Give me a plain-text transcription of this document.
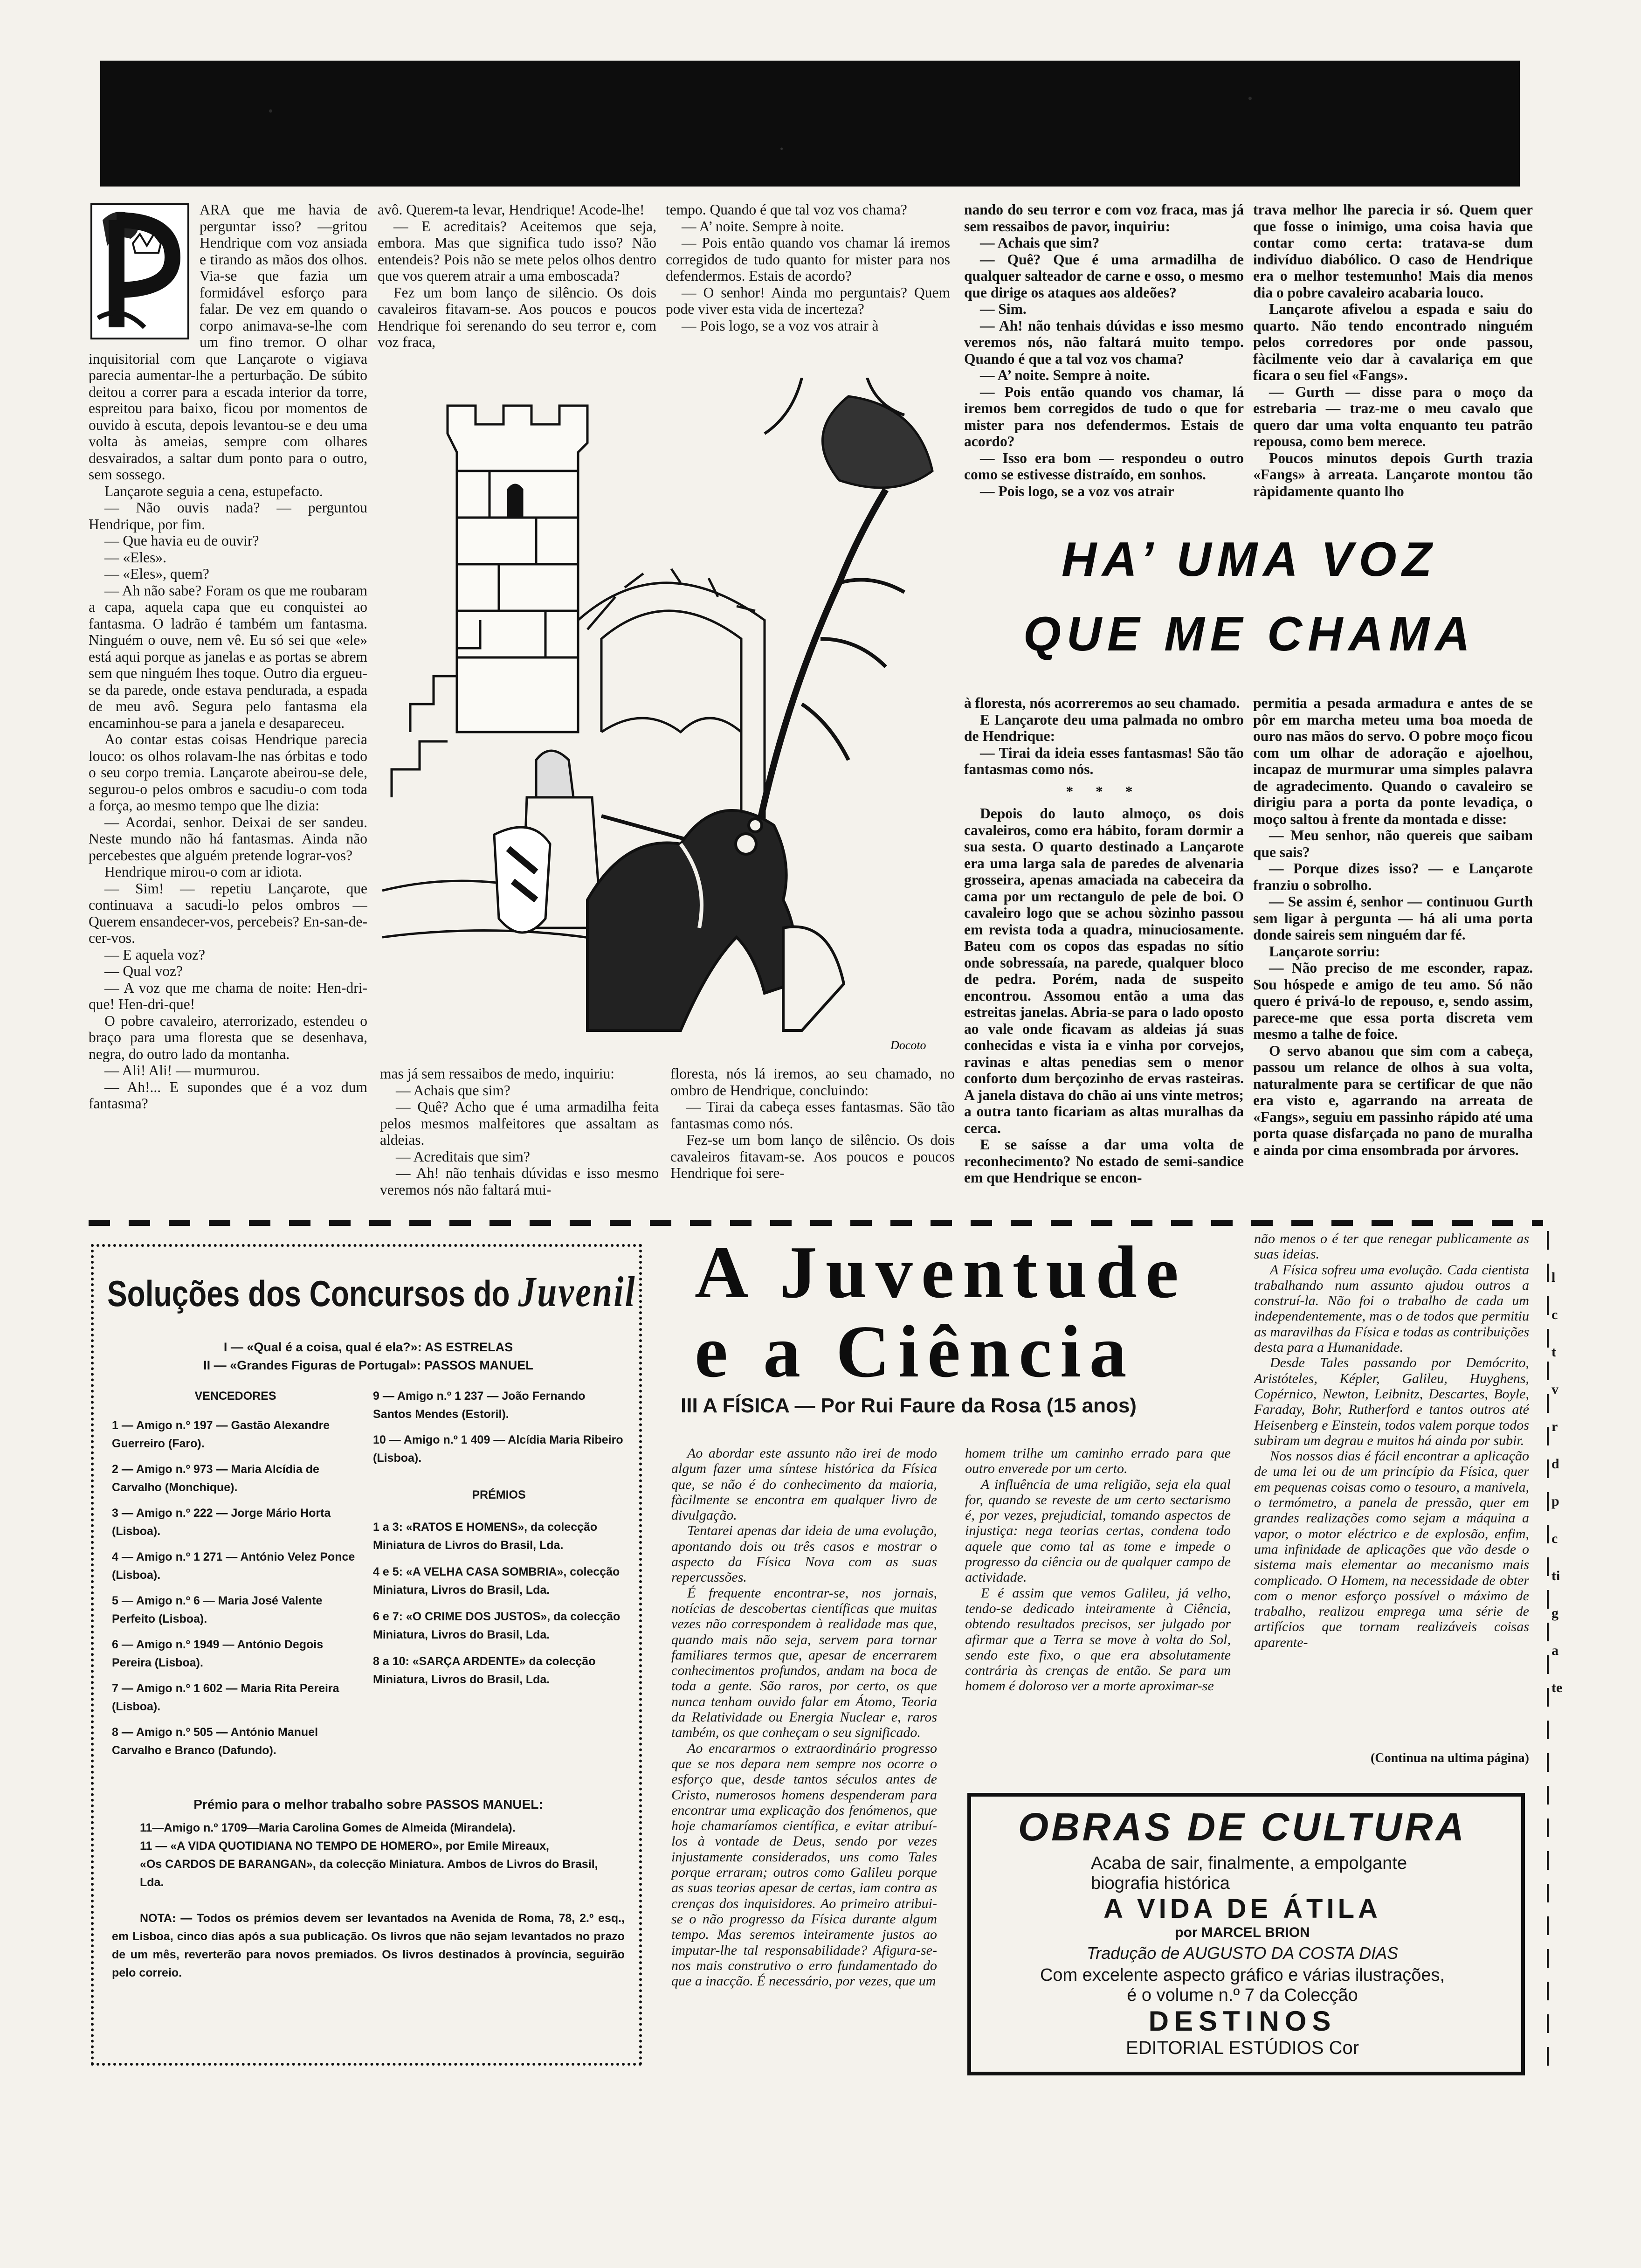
ARA que me havia de perguntar isso? —gritou Hendrique com voz ansiada e tirando as mãos dos olhos. Via-se que fazia um formidável esforço para falar. De vez em quando o corpo animava-se-lhe com um fino tremor. O olhar inquisitorial com que Lançarote o vigiava parecia aumentar-lhe a perturbação. De súbito deitou a correr para a escada interior da torre, espreitou para baixo, ficou por momentos de ouvido à escuta, depois levantou-se e deu uma volta às ameias, sempre com olhares desvairados, a saltar dum ponto para o outro, sem sossego.

Lançarote seguia a cena, estupefacto.

— Não ouvis nada? — perguntou Hendrique, por fim.

— Que havia eu de ouvir?

— «Eles».

— «Eles», quem?

— Ah não sabe? Foram os que me roubaram a capa, aquela capa que eu conquistei ao fantasma. O ladrão é também um fantasma. Ninguém o ouve, nem vê. Eu só sei que «ele» está aqui porque as janelas e as portas se abrem sem que ninguém lhes toque. Outro dia ergueu-se da parede, onde estava pendurada, a espada de meu avô. Segura pelo fantasma ela encaminhou-se para a janela e desapareceu.

Ao contar estas coisas Hendrique parecia louco: os olhos rolavam-lhe nas órbitas e todo o seu corpo tremia. Lançarote abeirou-se dele, segurou-o pelos ombros e sacudiu-o com toda a força, ao mesmo tempo que lhe dizia:

— Acordai, senhor. Deixai de ser sandeu. Neste mundo não há fantasmas. Ainda não percebestes que alguém pretende lograr-vos?

Hendrique mirou-o com ar idiota.

— Sim! — repetiu Lançarote, que continuava a sacudi-lo pelos ombros — Querem ensandecer-vos, percebeis? En-san-de-cer-vos.

— E aquela voz?

— Qual voz?

— A voz que me chama de noite: Hen-dri-que! Hen-dri-que!

O pobre cavaleiro, aterrorizado, estendeu o braço para uma floresta que se desenhava, negra, do outro lado da montanha.

— Ali! Ali! — murmurou.

— Ah!... E supondes que é a voz dum fantasma?

avô. Querem-ta levar, Hendrique! Acode-lhe!

— E acreditais? Aceitemos que seja, embora. Mas que significa tudo isso? Não entendeis? Pois não se mete pelos olhos dentro que vos querem atrair a uma emboscada?

Fez um bom lanço de silêncio. Os dois cavaleiros fitavam-se. Aos poucos e poucos Hendrique foi serenando do seu terror e, com voz fraca,

tempo. Quando é que tal voz vos chama?

— A’ noite. Sempre à noite.

— Pois então quando vos chamar lá iremos corregidos de tudo quanto for mister para nos defendermos. Estais de acordo?

— O senhor! Ainda mo perguntais? Quem pode viver esta vida de incerteza?

— Pois logo, se a voz vos atrair à

nando do seu terror e com voz fraca, mas já sem ressaibos de pavor, inquiriu:

— Achais que sim?

— Quê? Que é uma armadilha de qualquer salteador de carne e osso, o mesmo que dirige os ataques aos aldeões?

— Sim.

— Ah! não tenhais dúvidas e isso mesmo veremos nós, não faltará muito tempo. Quando é que a tal voz vos chama?

— A’ noite. Sempre à noite.

— Pois então quando vos chamar, lá iremos bem corregidos de tudo o que for mister para nos defendermos. Estais de acordo?

— Isso era bom — respondeu o outro como se estivesse distraído, em sonhos.

— Pois logo, se a voz vos atrair

trava melhor lhe parecia ir só. Quem quer que fosse o inimigo, uma coisa havia que contar como certa: tratava-se dum indivíduo diabólico. O caso de Hendrique era o melhor testemunho! Mais dia menos dia o pobre cavaleiro acabaria louco.

Lançarote afivelou a espada e saiu do quarto. Não tendo encontrado ninguém pelos corredores por onde passou, fàcilmente veio dar à cavalariça em que ficara o seu fiel «Fangs».

— Gurth — disse para o moço da estrebaria — traz-me o meu cavalo que quero dar uma volta enquanto teu patrão repousa, como bem merece.

Poucos minutos depois Gurth trazia «Fangs» à arreata. Lançarote montou tão ràpidamente quanto lho

Docoto
HA’ UMA VOZ
QUE ME CHAMA

mas já sem ressaibos de medo, inquiriu:

— Achais que sim?

— Quê? Acho que é uma armadilha feita pelos mesmos malfeitores que assaltam as aldeias.

— Acreditais que sim?

— Ah! não tenhais dúvidas e isso mesmo veremos nós não faltará mui-

floresta, nós lá iremos, ao seu chamado, no ombro de Hendrique, concluindo:

— Tirai da cabeça esses fantasmas. São tão fantasmas como nós.

Fez-se um bom lanço de silêncio. Os dois cavaleiros fitavam-se. Aos poucos e poucos Hendrique foi sere-

à floresta, nós acorreremos ao seu chamado.

E Lançarote deu uma palmada no ombro de Hendrique:

— Tirai da ideia esses fantasmas! São tão fantasmas como nós.

* * *

Depois do lauto almoço, os dois cavaleiros, como era hábito, foram dormir a sua sesta. O quarto destinado a Lançarote era uma larga sala de paredes de alvenaria grosseira, apenas amaciada na cabeceira da cama por um rectangulo de pele de boi. O cavaleiro logo que se achou sòzinho passou em revista toda a quadra, minuciosamente. Bateu com os copos das espadas no sítio onde sobressaía, na parede, qualquer bloco de pedra. Porém, nada de suspeito encontrou. Assomou então a uma das estreitas janelas. Abria-se para o lado oposto ao vale onde ficavam as aldeias já suas conhecidas e vista ia e vinha por corvejos, ravinas e altas penedias sem o menor conforto dum berçozinho de ervas rasteiras. A janela distava do chão ai uns vinte metros; a outra tanto ficariam as altas muralhas da cerca.

E se saísse a dar uma volta de reconhecimento? No estado de semi-sandice em que Hendrique se encon-

permitia a pesada armadura e antes de se pôr em marcha meteu uma boa moeda de ouro nas mãos do servo. O pobre moço ficou com um olhar de adoração e ajoelhou, incapaz de murmurar uma simples palavra de agradecimento. Quando o cavaleiro se dirigiu para a porta da ponte levadiça, o moço saltou à frente da montada e disse:

— Meu senhor, não quereis que saibam que sais?

— Porque dizes isso? — e Lançarote franziu o sobrolho.

— Se assim é, senhor — continuou Gurth sem ligar à pergunta — há ali uma porta donde saireis sem ninguém dar fé.

Lançarote sorriu:

— Não preciso de me esconder, rapaz. Sou hóspede e amigo de teu amo. Só não quero é privá-lo de repouso, e, sendo assim, parece-me que essa porta discreta vem mesmo a talhe de foice.

O servo abanou que sim com a cabeça, passou um relance de olhos à sua volta, naturalmente para se certificar de que não era visto e, agarrando na arreata de «Fangs», seguiu em passinho rápido até uma porta quase disfarçada no pano de muralha e ainda por cima ensombrada por árvores.

Soluções dos Concursos do Juvenil
I — «Qual é a coisa, qual é ela?»: AS ESTRELAS
II — «Grandes Figuras de Portugal»: PASSOS MANUEL
VENCEDORES
1 — Amigo n.º 197 — Gastão Alexandre Guerreiro (Faro).
2 — Amigo n.º 973 — Maria Alcídia de Carvalho (Monchique).
3 — Amigo n.º 222 — Jorge Mário Horta (Lisboa).
4 — Amigo n.º 1 271 — António Velez Ponce (Lisboa).
5 — Amigo n.º 6 — Maria José Valente Perfeito (Lisboa).
6 — Amigo n.º 1949 — António Degois Pereira (Lisboa).
7 — Amigo n.º 1 602 — Maria Rita Pereira (Lisboa).
8 — Amigo n.º 505 — António Manuel Carvalho e Branco (Dafundo).
9 — Amigo n.º 1 237 — João Fernando Santos Mendes (Estoril).
10 — Amigo n.º 1 409 — Alcídia Maria Ribeiro (Lisboa).
PRÉMIOS
1 a 3: «RATOS E HOMENS», da colecção Miniatura de Livros do Brasil, Lda.
4 e 5: «A VELHA CASA SOMBRIA», colecção Miniatura, Livros do Brasil, Lda.
6 e 7: «O CRIME DOS JUSTOS», da colecção Miniatura, Livros do Brasil, Lda.
8 a 10: «SARÇA ARDENTE» da colecção Miniatura, Livros do Brasil, Lda.
Prémio para o melhor trabalho sobre PASSOS MANUEL:
11—Amigo n.º 1709—Maria Carolina Gomes de Almeida (Mirandela).
11 — «A VIDA QUOTIDIANA NO TEMPO DE HOMERO», por Emile Mireaux,
«Os CARDOS DE BARANGAN», da colecção Miniatura. Ambos de Livros do Brasil, Lda.
NOTA: — Todos os prémios devem ser levantados na Avenida de Roma, 78, 2.º esq., em Lisboa, cinco dias após a sua publicação. Os livros que não sejam levantados no prazo de um mês, reverterão para novos premiados. Os livros destinados à província, seguirão pelo correio.
A Juventude
e a Ciência
III A FÍSICA — Por Rui Faure da Rosa (15 anos)

Ao abordar este assunto não irei de modo algum fazer uma síntese histórica da Física que, se não é do conhecimento da maioria, fàcilmente se encontra em qualquer livro de divulgação.

Tentarei apenas dar ideia de uma evolução, apontando dois ou três casos e mostrar o aspecto da Física Nova com as suas repercussões.

É frequente encontrar-se, nos jornais, notícias de descobertas científicas que muitas vezes não correspondem à realidade mas que, quando mais não seja, servem para tornar familiares termos que, apesar de encerrarem conhecimentos profundos, andam na boca de toda a gente. São raros, por certo, os que nunca tenham ouvido falar em Átomo, Teoria da Relatividade ou Energia Nuclear e, raros também, os que conheçam o seu significado.

Ao encararmos o extraordinário progresso que se nos depara nem sempre nos ocorre o esforço que, desde tantos séculos antes de Cristo, numerosos homens despenderam para encontrar uma explicação dos fenómenos, que hoje chamaríamos científica, e evitar atribuí-los à vontade de Deus, sendo por vezes injustamente considerados, uns como Tales porque erraram; outros como Galileu porque as suas teorias apesar de certas, iam contra as crenças dos inquisidores. Ao primeiro atribui-se o não progresso da Física durante algum tempo. Mas seremos inteiramente justos ao imputar-lhe tal responsabilidade? Afigura-se-nos mais construtivo o erro fundamentado do que a inacção. É necessário, por vezes, que um

homem trilhe um caminho errado para que outro enverede por um certo.

A influência de uma religião, seja ela qual for, quando se reveste de um certo sectarismo é, por vezes, prejudicial, tomando aspectos de injustiça: nega teorias certas, condena todo aquele que como tal as tome e impede o progresso da ciência ou de qualquer campo de actividade.

E é assim que vemos Galileu, já velho, tendo-se dedicado inteiramente à Ciência, obtendo resultados precisos, ser julgado por afirmar que a Terra se move à volta do Sol, sendo este fixo, o que era absolutamente contrária às crenças de então. Se para um homem é doloroso ver a morte aproximar-se

não menos o é ter que renegar publicamente as suas ideias.

A Física sofreu uma evolução. Cada cientista trabalhando num assunto ajudou outros a construí-la. Não foi o trabalho de cada um independentemente, mas o de todos que permitiu as maravilhas da Física e todas as contribuições desta para a Humanidade.

Desde Tales passando por Demócrito, Aristóteles, Képler, Galileu, Huyghens, Copérnico, Newton, Leibnitz, Descartes, Boyle, Faraday, Bohr, Rutherford e tantos outros até Heisenberg e Einstein, todos valem porque todos subiram um degrau e muitos há ainda por subir.

Nos nossos dias é fácil encontrar a aplicação de uma lei ou de um princípio da Física, quer em pequenas coisas como o tesouro, a manivela, o termómetro, a panela de pressão, quer em grandes realizações como sejam a máquina a vapor, o motor eléctrico e de explosão, enfim, uma infinidade de aplicações que vão desde o sistema mais elementar ao mecanismo mais complicado. O Homem, na necessidade de obter com o menor esforço possível o máximo de trabalho, realizou emprega uma série de artifícios que tornam realizáveis coisas aparente-

(Continua na ultima página)
OBRAS DE CULTURA
Acaba de sair, finalmente, a empolgante
biografia histórica
A VIDA DE ÁTILA
por MARCEL BRION
Tradução de AUGUSTO DA COSTA DIAS
Com excelente aspecto gráfico e várias ilustrações,
é o volume n.º 7 da Colecção
DESTINOS
EDITORIAL ESTÚDIOS Cor
l
c
t
v
r
d
p
c
ti
g
a
te
